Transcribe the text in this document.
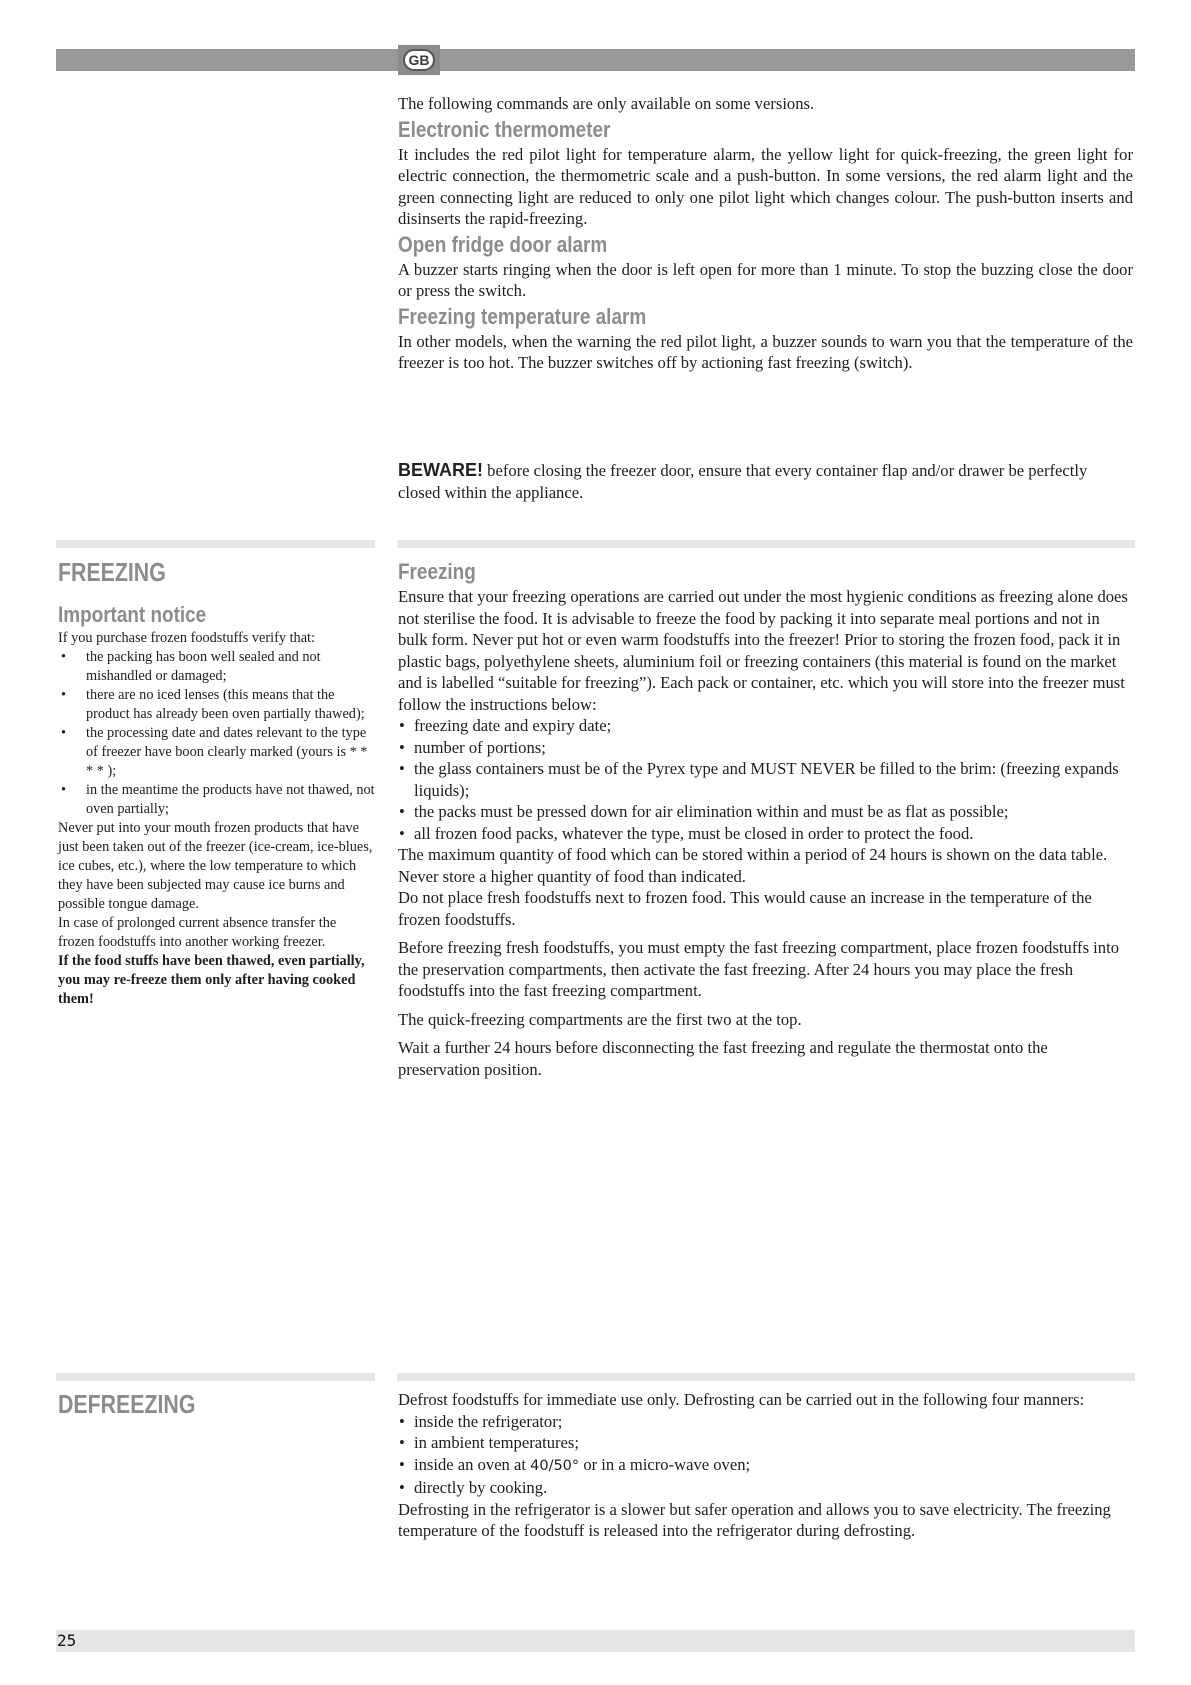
GB

The following commands are only available on some versions.

Electronic thermometer

It includes the red pilot light for temperature alarm, the yellow light for quick-freezing, the green light for electric connection, the thermometric scale and a push-button. In some versions, the red alarm light and the green connecting light are reduced to only one pilot light which changes colour. The push-button inserts and disinserts the rapid-freezing.

Open fridge door alarm

A buzzer starts ringing when the door is left open for more than 1 minute. To stop the buzzing close the door or press the switch.

Freezing temperature alarm

In other models, when the warning the red pilot light, a buzzer sounds to warn you that the temperature of the freezer is too hot. The buzzer switches off by actioning fast freezing (switch).

BEWARE! before closing the freezer door, ensure that every container flap and/or drawer be perfectly closed within the appliance.

FREEZING
Important notice

If you purchase frozen foodstuffs verify that:

• the packing has boon well sealed and not mishandled or damaged;
• there are no iced lenses (this means that the product has already been oven partially thawed);
• the processing date and dates relevant to the type of freezer have boon clearly marked (yours is * * * * );
• in the meantime the products have not thawed, not oven partially;

Never put into your mouth frozen products that have just been taken out of the freezer (ice-cream, ice-blues, ice cubes, etc.), where the low temperature to which they have been subjected may cause ice burns and possible tongue damage.

In case of prolonged current absence transfer the frozen foodstuffs into another working freezer.

If the food stuffs have been thawed, even partially, you may re-freeze them only after having cooked them!

Freezing

Ensure that your freezing operations are carried out under the most hygienic conditions as freezing alone does not sterilise the food. It is advisable to freeze the food by packing it into separate meal portions and not in bulk form. Never put hot or even warm foodstuffs into the freezer! Prior to storing the frozen food, pack it in plastic bags, polyethylene sheets, aluminium foil or freezing containers (this material is found on the market and is labelled “suitable for freezing”). Each pack or container, etc. which you will store into the freezer must follow the instructions below:

• freezing date and expiry date;
• number of portions;
• the glass containers must be of the Pyrex type and MUST NEVER be filled to the brim: (freezing expands liquids);
• the packs must be pressed down for air elimination within and must be as flat as possible;
• all frozen food packs, whatever the type, must be closed in order to protect the food.

The maximum quantity of food which can be stored within a period of 24 hours is shown on the data table. Never store a higher quantity of food than indicated.

Do not place fresh foodstuffs next to frozen food. This would cause an increase in the temperature of the frozen foodstuffs.

Before freezing fresh foodstuffs, you must empty the fast freezing compartment, place frozen foodstuffs into the preservation compartments, then activate the fast freezing. After 24 hours you may place the fresh foodstuffs into the fast freezing compartment.

The quick-freezing compartments are the first two at the top.

Wait a further 24 hours before disconnecting the fast freezing and regulate the thermostat onto the preservation position.

DEFREEZING	Defrost foodstuffs for immediate use only. Defrosting can be carried out in the following four manners:

• inside the refrigerator;
• in ambient temperatures;
• inside an oven at 40/50° or in a micro-wave oven;
• directly by cooking.

Defrosting in the refrigerator is a slower but safer operation and allows you to save electricity. The freezing temperature of the foodstuff is released into the refrigerator during defrosting.

25
